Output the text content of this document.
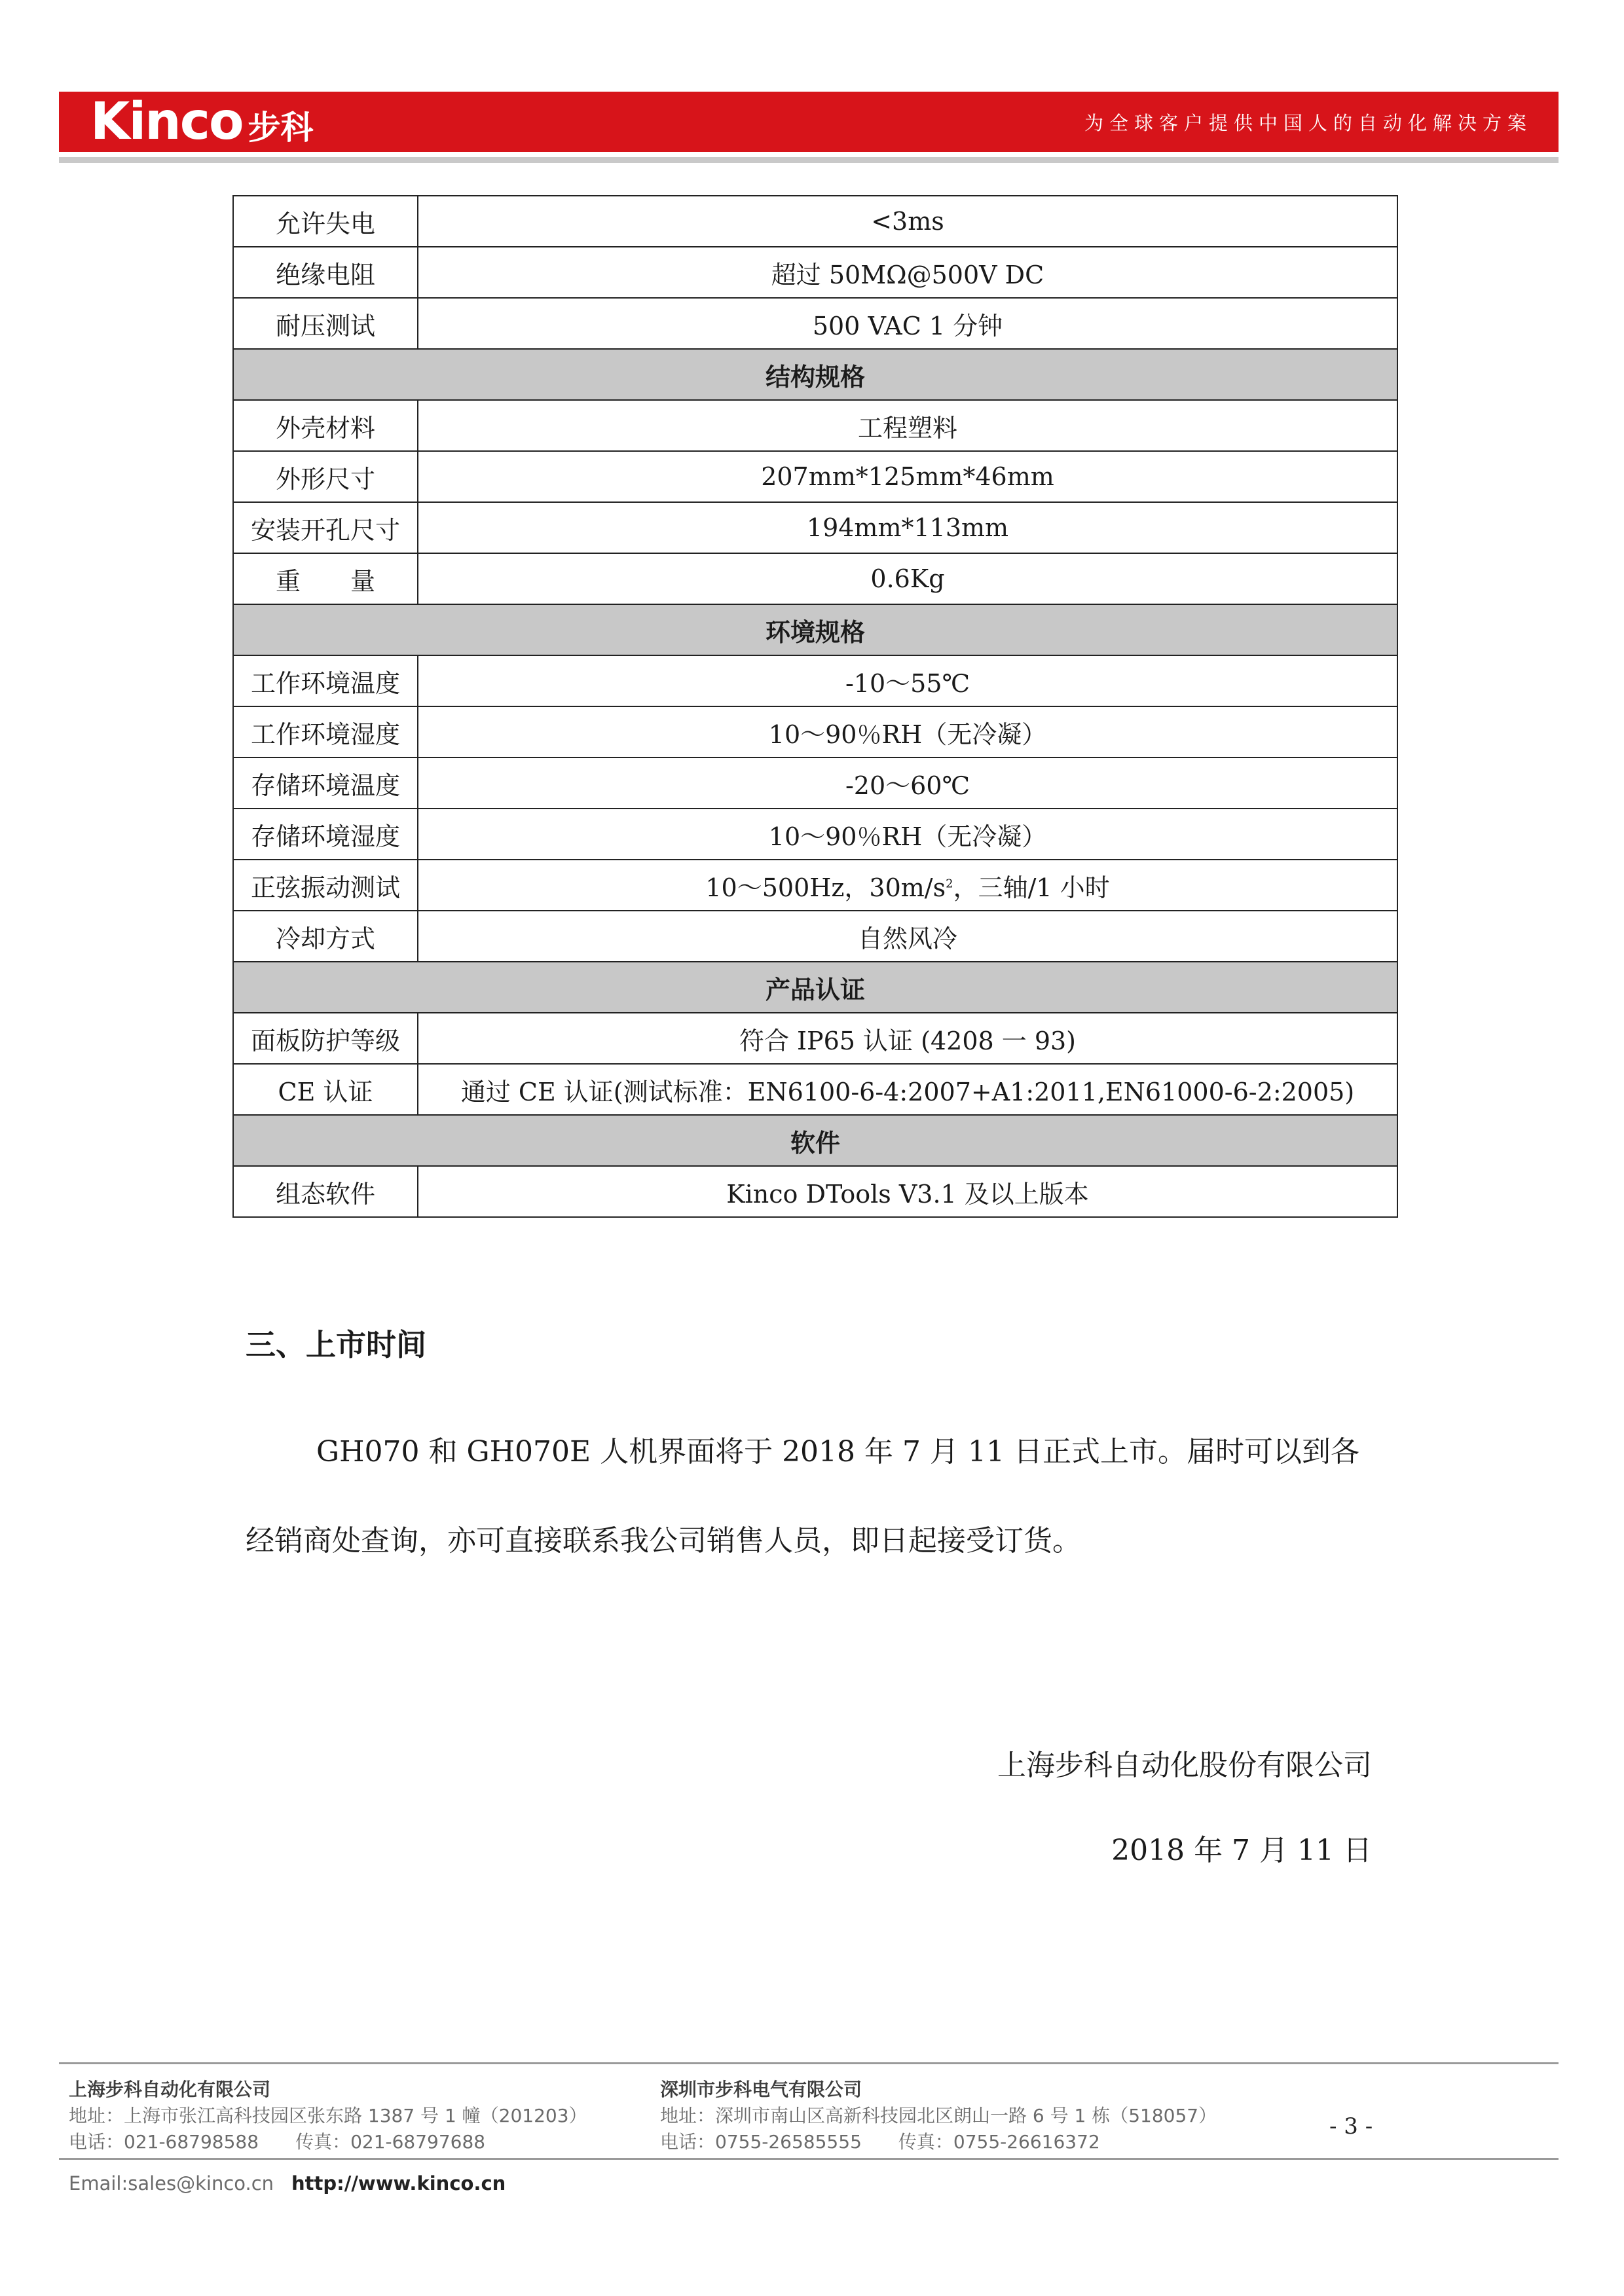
Kinco 步科	为全球客户提供中国人的自动化解决方案
允许失电	<3ms
绝缘电阻	超过 50MΩ@500V DC
耐压测试	500 VAC 1 分钟
结构规格	
外壳材料	工程塑料
外形尺寸	207mm*125mm*46mm
安装开孔尺寸	194mm*113mm
重　　量	0.6Kg
环境规格	
工作环境温度	-10～55℃
工作环境湿度	10～90％RH（无冷凝）
存储环境温度	-20～60℃
存储环境湿度	10～90％RH（无冷凝）
正弦振动测试	10～500Hz，$30m/s^2$，三轴/1 小时
冷却方式	自然风冷
产品认证	
面板防护等级	符合 IP65 认证 (4208 一 93)
CE 认证	通过 CE 认证(测试标准：EN6100-6-4:2007+A1:2011,EN61000-6-2:2005)
软件	
组态软件	Kinco DTools V3.1 及以上版本
三、上市时间
GH070 和 GH070E 人机界面将于 2018 年 7 月 11 日正式上市。届时可以到各经销商处查询，亦可直接联系我公司销售人员，即日起接受订货。
上海步科自动化股份有限公司
2018 年 7 月 11 日
上海步科自动化有限公司
地址：上海市张江高科技园区张东路 1387 号 1 幢（201203）
电话：021-68798588　　传真：021-68797688
深圳市步科电气有限公司
地址：深圳市南山区高新科技园北区朗山一路 6 号 1 栋（518057）
电话：0755-26585555　　传真：0755-26616372
- 3 -
Email:sales@kinco.cn http://www.kinco.cn
